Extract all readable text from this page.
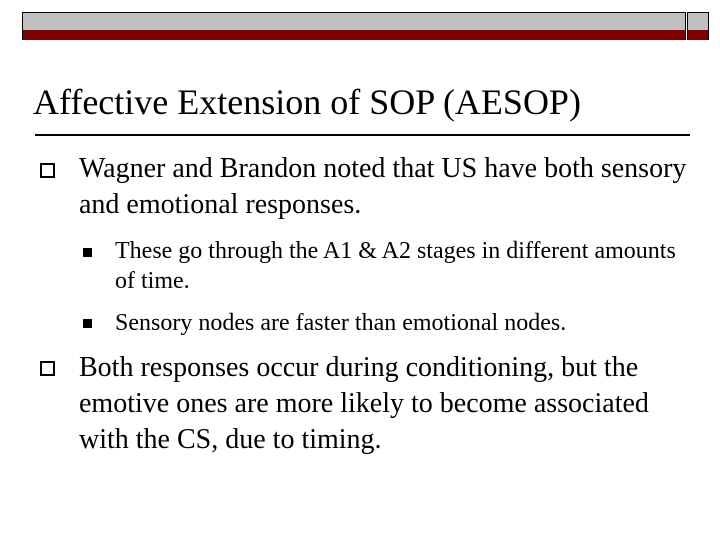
Affective Extension of SOP (AESOP)
Wagner and Brandon noted that US have both sensory and emotional responses.
These go through the A1 & A2 stages in different amounts of time.
Sensory nodes are faster than emotional nodes.
Both responses occur during conditioning, but the emotive ones are more likely to become associated with the CS, due to timing.
